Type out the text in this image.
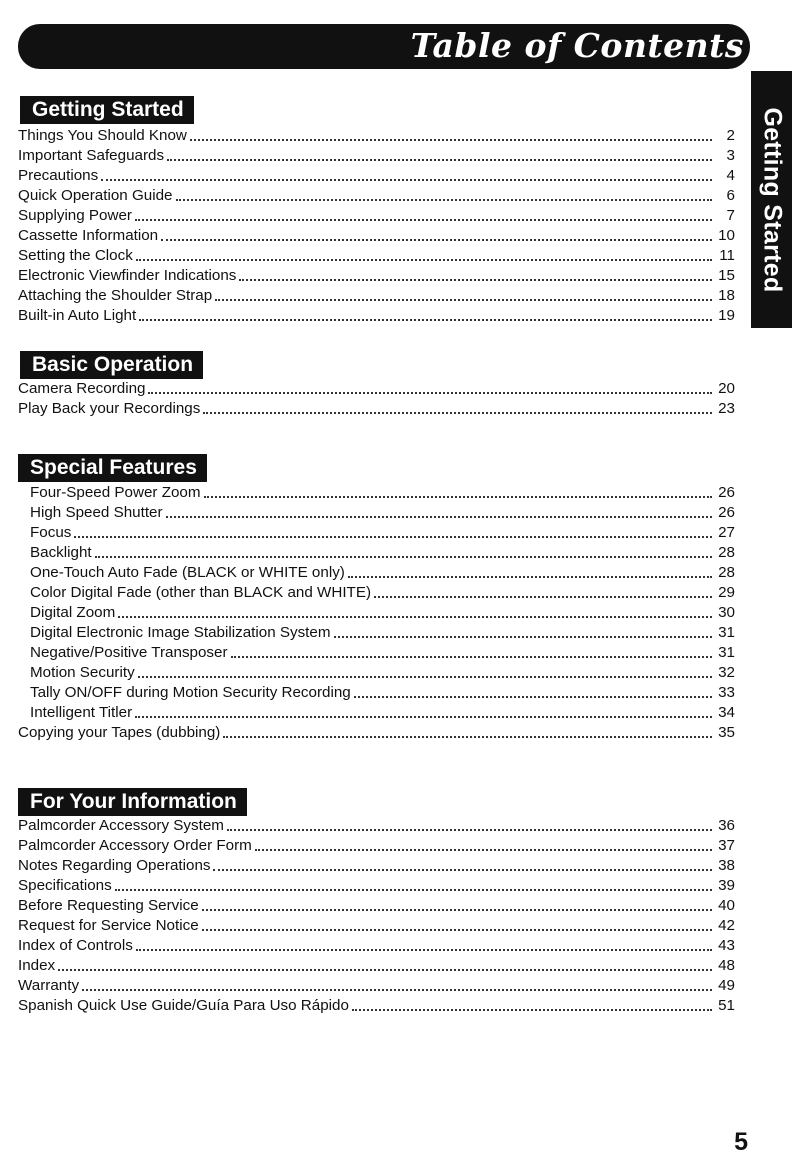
Table of Contents
Getting Started
Getting Started
Things You Should Know	2
Important Safeguards	3
Precautions	4
Quick Operation Guide	6
Supplying Power	7
Cassette Information	10
Setting the Clock	11
Electronic Viewfinder Indications	15
Attaching the Shoulder Strap	18
Built-in Auto Light	19
Basic Operation
Camera Recording	20
Play Back your Recordings	23
Special Features
Four-Speed Power Zoom	26
High Speed Shutter	26
Focus	27
Backlight	28
One-Touch Auto Fade (BLACK or WHITE only)	28
Color Digital Fade (other than BLACK and WHITE)	29
Digital Zoom	30
Digital Electronic Image Stabilization System	31
Negative/Positive Transposer	31
Motion Security	32
Tally ON/OFF during Motion Security Recording	33
Intelligent Titler	34
Copying your Tapes (dubbing)	35
For Your Information
Palmcorder Accessory System	36
Palmcorder Accessory Order Form	37
Notes Regarding Operations	38
Specifications	39
Before Requesting Service	40
Request for Service Notice	42
Index of Controls	43
Index	48
Warranty	49
Spanish Quick Use Guide/Guía Para Uso Rápido	51
5
